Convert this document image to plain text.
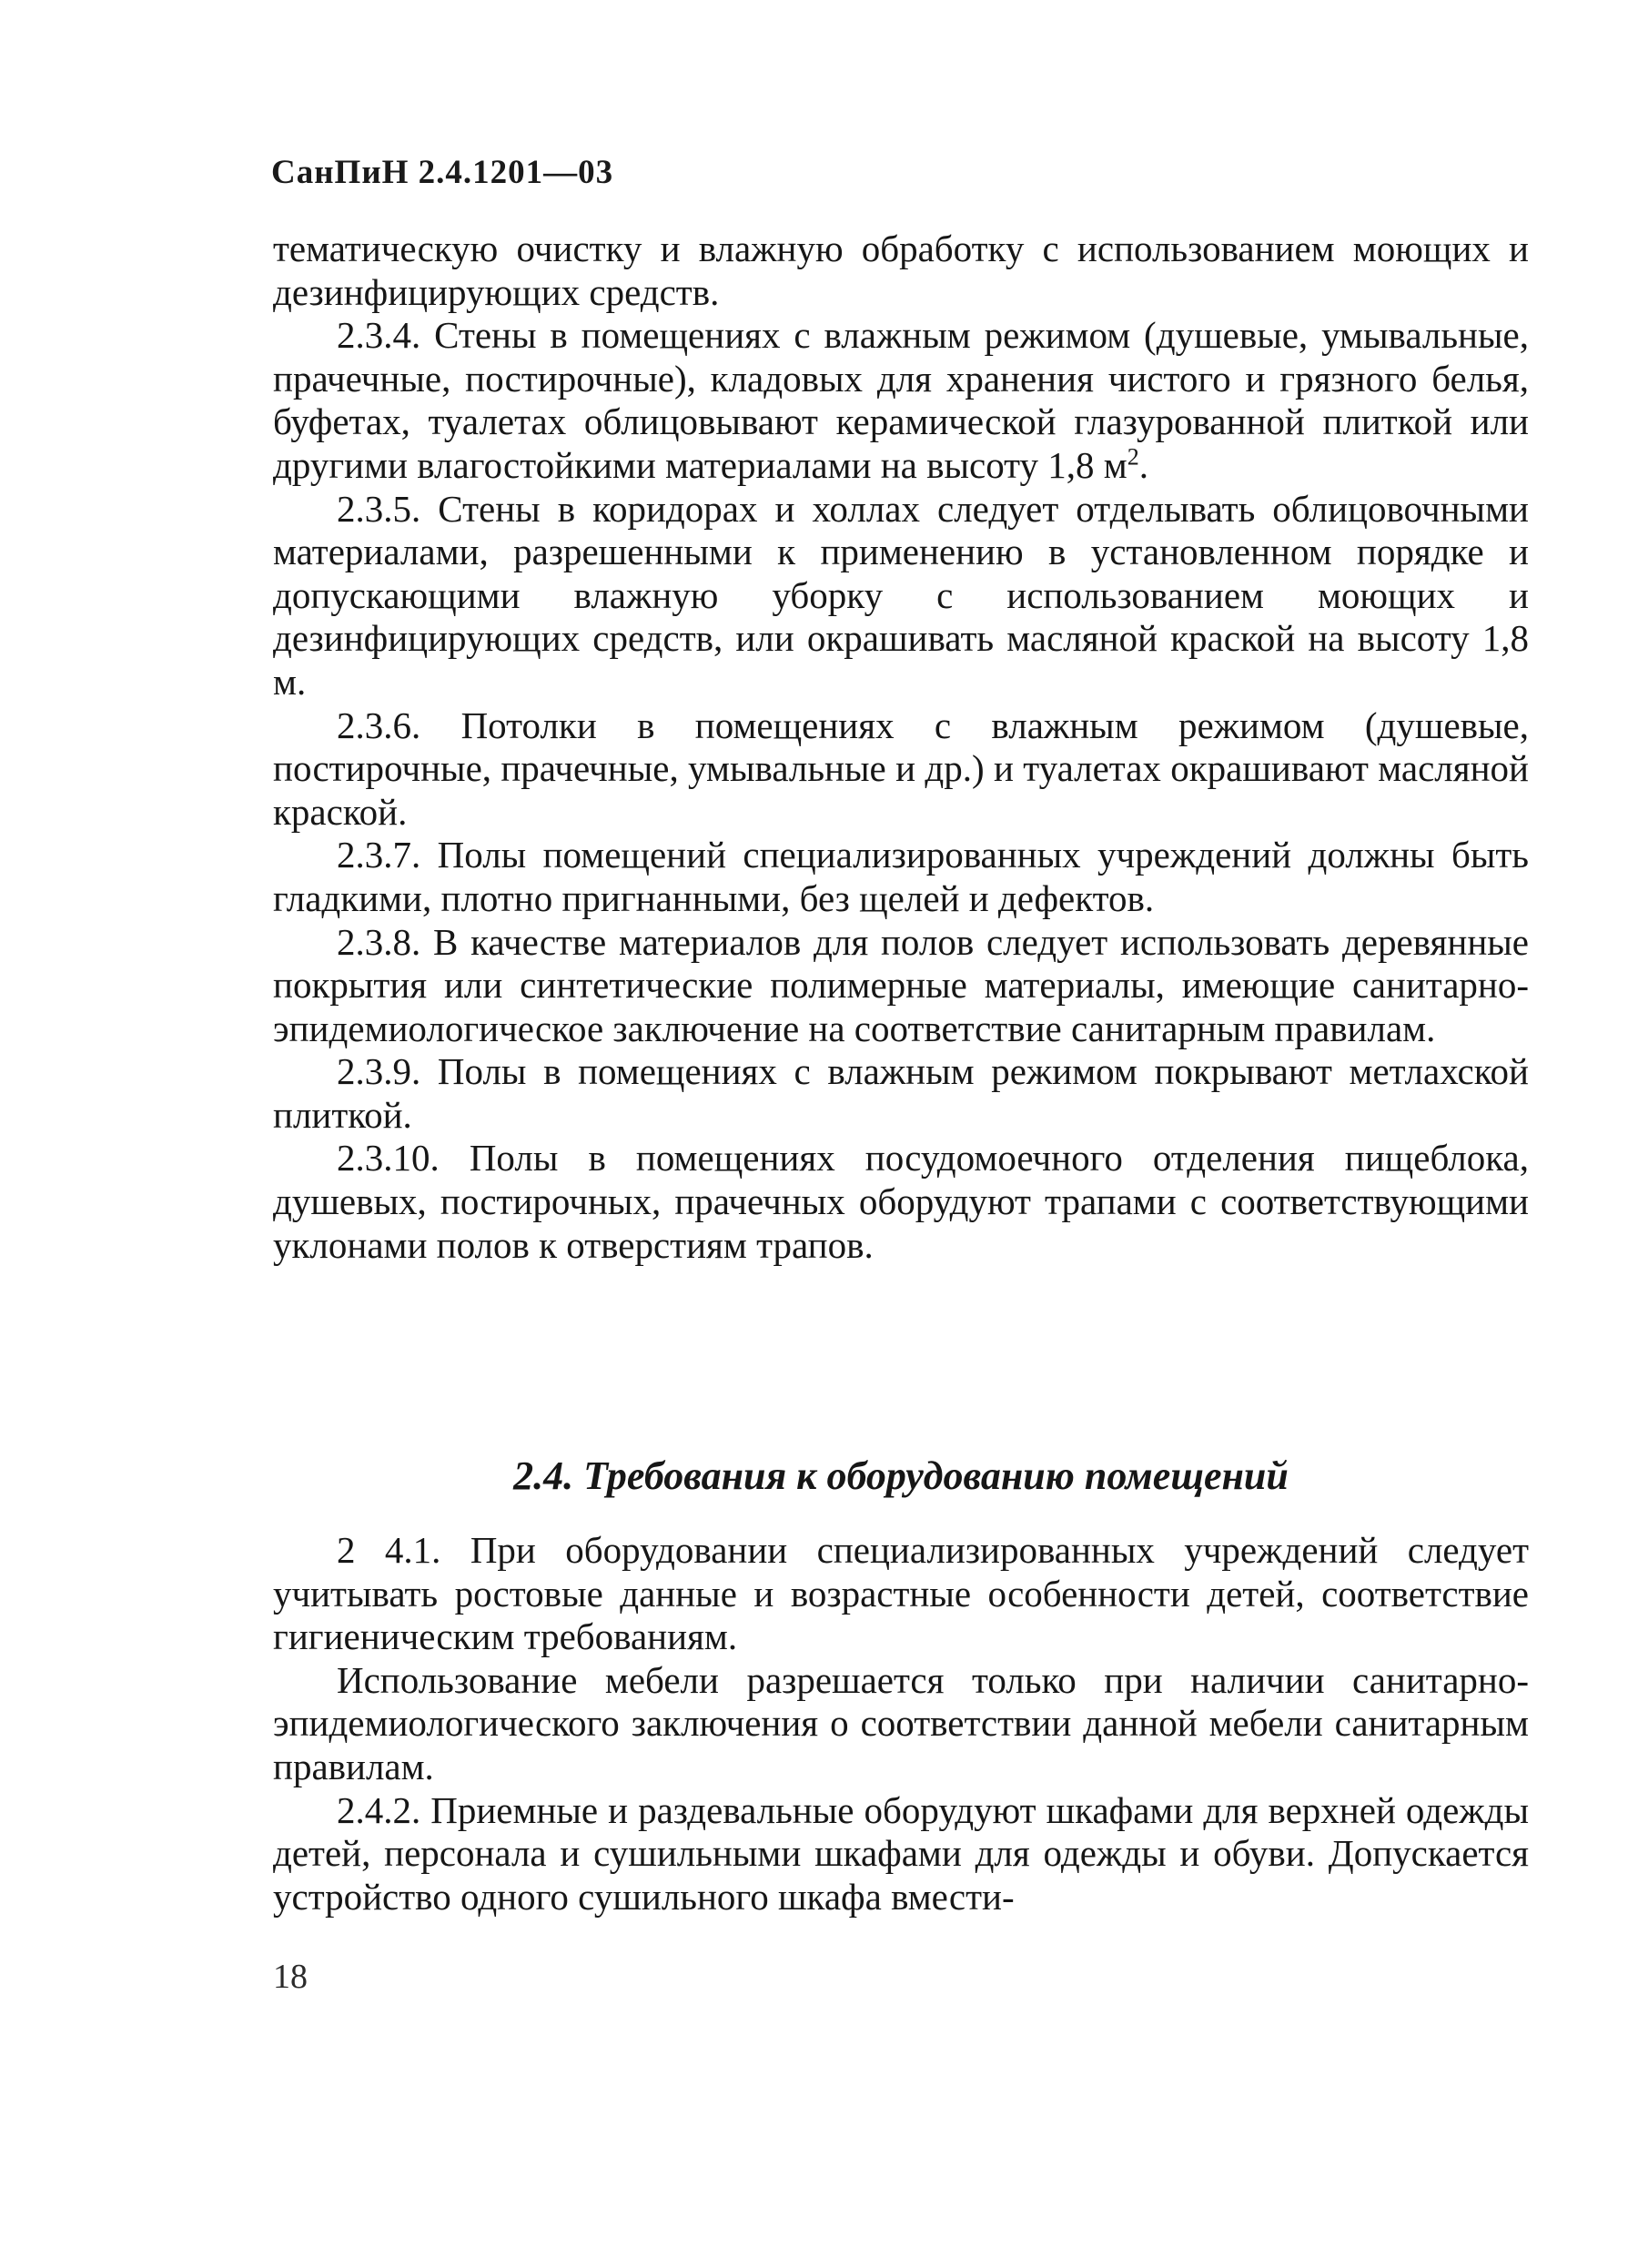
СанПиН 2.4.1201—03

тематическую очистку и влажную обработку с использованием моющих и дезинфицирующих средств.

2.3.4. Стены в помещениях с влажным режимом (душевые, умывальные, прачечные, постирочные), кладовых для хранения чистого и грязного белья, буфетах, туалетах облицовывают керамической глазурованной плиткой или другими влагостойкими материалами на высоту 1,8 $м^2$.

2.3.5. Стены в коридорах и холлах следует отделывать облицовочными материалами, разрешенными к применению в установленном порядке и допускающими влажную уборку с использованием моющих и дезинфицирующих средств, или окрашивать масляной краской на высоту 1,8 м.

2.3.6. Потолки в помещениях с влажным режимом (душевые, постирочные, прачечные, умывальные и др.) и туалетах окрашивают масляной краской.

2.3.7. Полы помещений специализированных учреждений должны быть гладкими, плотно пригнанными, без щелей и дефектов.

2.3.8. В качестве материалов для полов следует использовать деревянные покрытия или синтетические полимерные материалы, имеющие санитарно-эпидемиологическое заключение на соответствие санитарным правилам.

2.3.9. Полы в помещениях с влажным режимом покрывают метлахской плиткой.

2.3.10. Полы в помещениях посудомоечного отделения пищеблока, душевых, постирочных, прачечных оборудуют трапами с соответствующими уклонами полов к отверстиям трапов.

2.4. Требования к оборудованию помещений

2 4.1. При оборудовании специализированных учреждений следует учитывать ростовые данные и возрастные особенности детей, соответствие гигиеническим требованиям.

Использование мебели разрешается только при наличии санитарно-эпидемиологического заключения о соответствии данной мебели санитарным правилам.

2.4.2. Приемные и раздевальные оборудуют шкафами для верхней одежды детей, персонала и сушильными шкафами для одежды и обуви. Допускается устройство одного сушильного шкафа вмести-

18
